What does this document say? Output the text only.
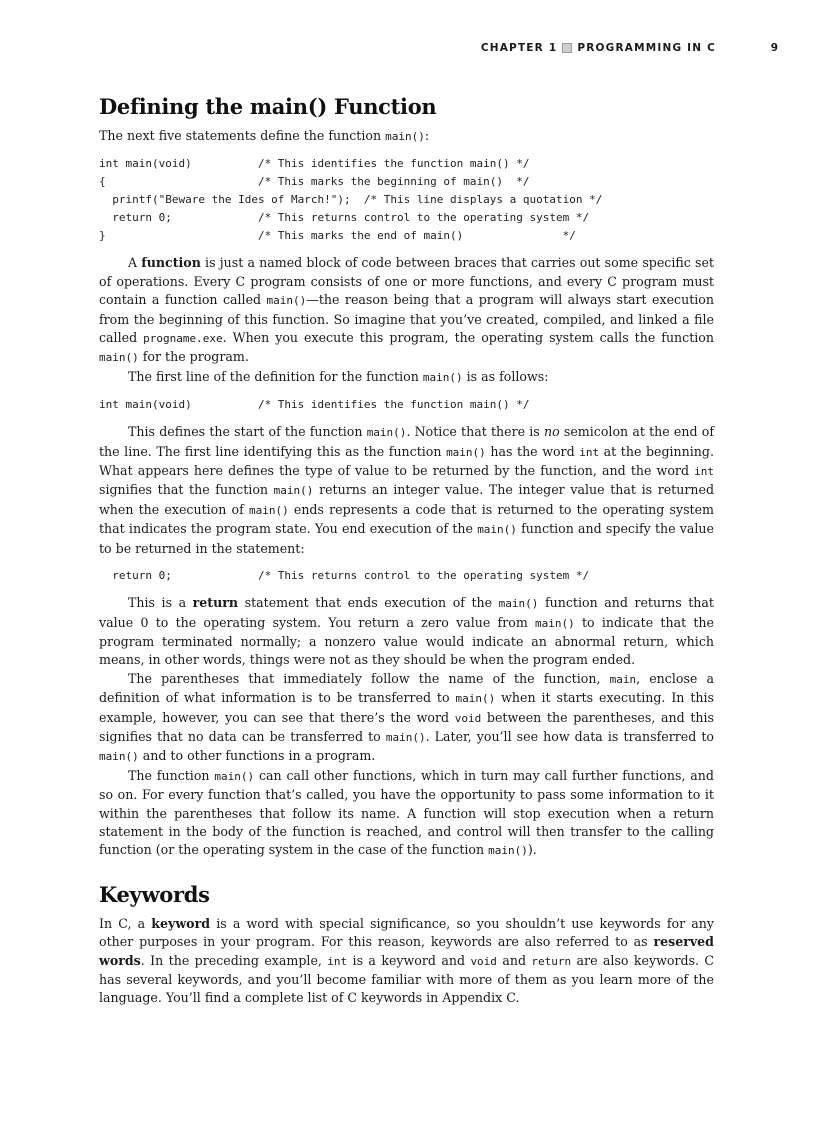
CHAPTER 1 PROGRAMMING IN C	9
Defining the main() Function

The next five statements define the function main():

int main(void)          /* This identifies the function main() */
{                       /* This marks the beginning of main()  */
printf("Beware the Ides of March!");  /* This line displays a quotation */
return 0;             /* This returns control to the operating system */
}                       /* This marks the end of main()               */

A function is just a named block of code between braces that carries out some specific set of operations. Every C program consists of one or more functions, and every C program must contain a function called main()—the reason being that a program will always start execution from the beginning of this function. So imagine that you’ve created, compiled, and linked a file called progname.exe. When you execute this program, the operating system calls the function main() for the program.

The first line of the definition for the function main() is as follows:

int main(void)          /* This identifies the function main() */

This defines the start of the function main(). Notice that there is no semicolon at the end of the line. The first line identifying this as the function main() has the word int at the beginning. What appears here defines the type of value to be returned by the function, and the word int signifies that the function main() returns an integer value. The integer value that is returned when the execution of main() ends represents a code that is returned to the operating system that indicates the program state. You end execution of the main() function and specify the value to be returned in the statement:

return 0;             /* This returns control to the operating system */

This is a return statement that ends execution of the main() function and returns that value 0 to the operating system. You return a zero value from main() to indicate that the program terminated normally; a nonzero value would indicate an abnormal return, which means, in other words, things were not as they should be when the program ended.

The parentheses that immediately follow the name of the function, main, enclose a definition of what information is to be transferred to main() when it starts executing. In this example, however, you can see that there’s the word void between the parentheses, and this signifies that no data can be transferred to main(). Later, you’ll see how data is transferred to main() and to other functions in a program.

The function main() can call other functions, which in turn may call further functions, and so on. For every function that’s called, you have the opportunity to pass some information to it within the parentheses that follow its name. A function will stop execution when a return statement in the body of the function is reached, and control will then transfer to the calling function (or the operating system in the case of the function main()).

Keywords

In C, a keyword is a word with special significance, so you shouldn’t use keywords for any other purposes in your program. For this reason, keywords are also referred to as reserved words. In the preceding example, int is a keyword and void and return are also keywords. C has several keywords, and you’ll become familiar with more of them as you learn more of the language. You’ll find a complete list of C keywords in Appendix C.
